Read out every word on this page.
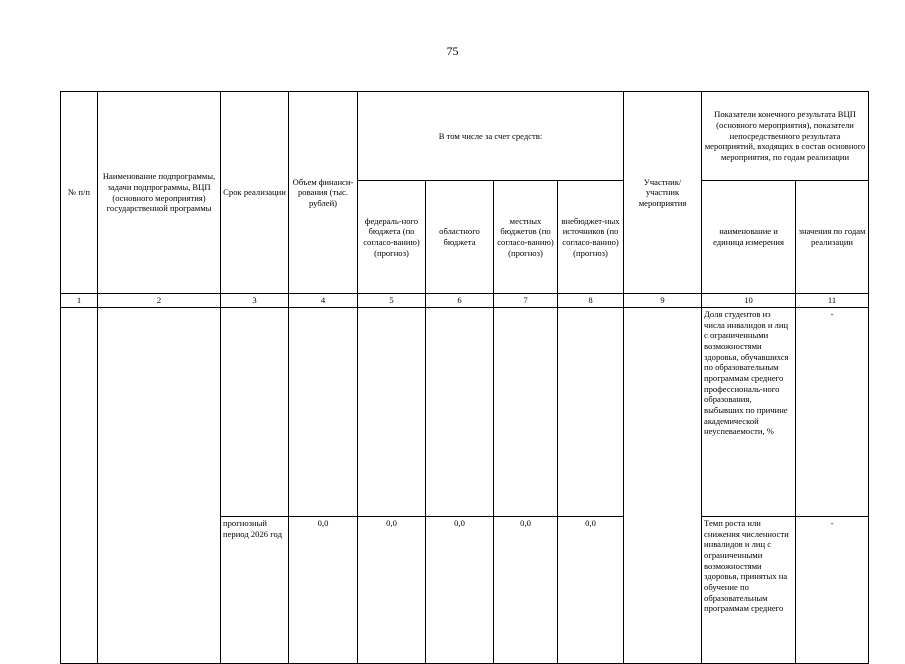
75
№ п/п	Наименование подпрограммы, задачи подпрограммы, ВЦП (основного мероприятия) государственной программы	Срок реализации	Объем финанси-рования (тыс. рублей)	В том числе за счет средств:				Участник/ участник мероприятия	Показатели конечного результата ВЦП (основного мероприятия), показатели непосредственного результата мероприятий, входящих в состав основного мероприятия, по годам реализации	
				федераль-ного бюджета (по согласо-ванию) (прогноз)	областного бюджета	местных бюджетов (по согласо-ванию) (прогноз)	внебюджет-ных источников (по согласо-ванию) (прогноз)		наименование и единица измерения	значения по годам реализации
1	2	3	4	5	6	7	8	9	10	11
									Доля студентов из числа инвалидов и лиц с ограниченными возможностями здоровья, обучавшихся по образовательным программам среднего профессиональ-ного образования, выбывших по причине академической неуспеваемости, %	-
		прогнозный период 2026 год	0,0	0,0	0,0	0,0	0,0		Темп роста или снижения численности инвалидов и лиц с ограниченными возможностями здоровья, принятых на обучение по образовательным программам среднего	-
